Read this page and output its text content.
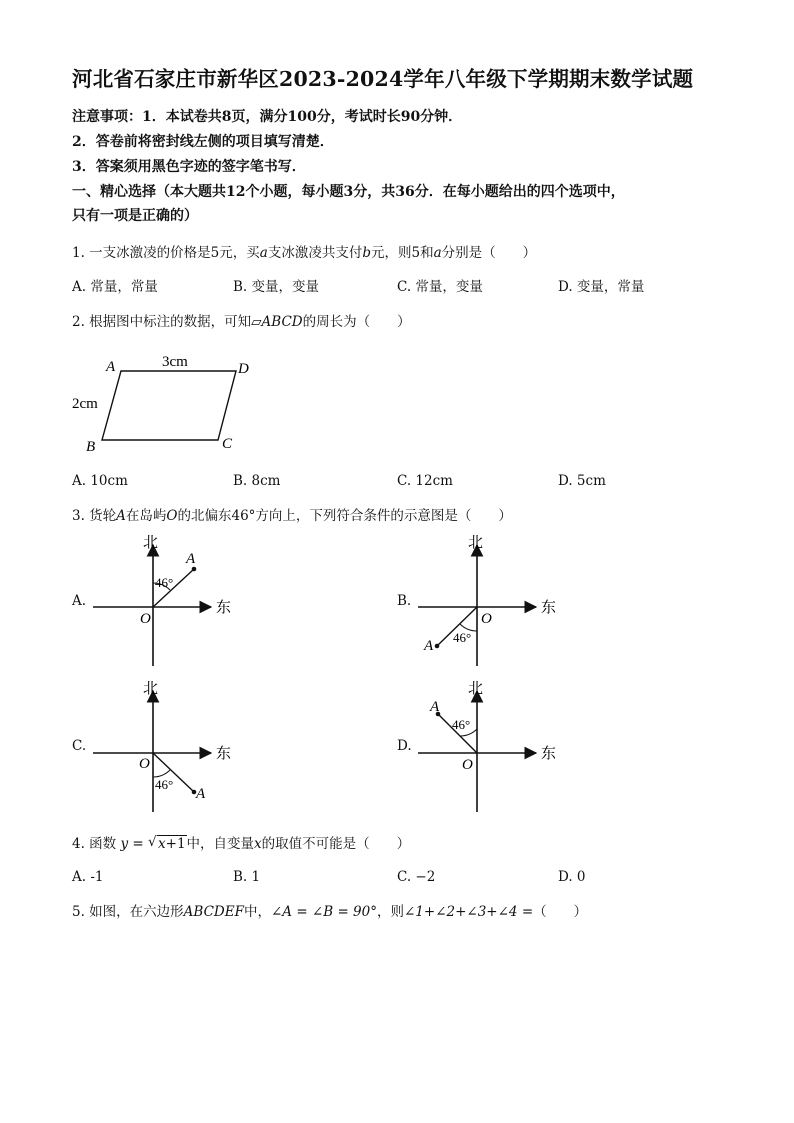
河北省石家庄市新华区2023-2024学年八年级下学期期末数学试题
注意事项：1．本试卷共8页，满分100分，考试时长90分钟．
2．答卷前将密封线左侧的项目填写清楚．
3．答案须用黑色字迹的签字笔书写．
一、精心选择（本大题共12个小题，每小题3分，共36分．在每小题给出的四个选项中，
只有一项是正确的）
1. 一支冰激凌的价格是5元，买a支冰激凌共支付b元，则5和a分别是（　　）
A. 常量，常量	B. 变量，变量	C. 常量，变量	D. 变量，常量
2. 根据图中标注的数据，可知▱ABCD的周长为（　　）
A	D
B	C
3cm
2cm
A. 10cm	B. 8cm	C. 12cm	D. 5cm
3. 货轮A在岛屿O的北偏东46°方向上，下列符合条件的示意图是（　　）
A.	B.
C.	D.
北
东
46°
A
O
北
东
46°
A
O
北
东
46°
A
O
北
东
46°
A
O
4. 函数 y = √ x+1中，自变量x的取值不可能是（　　）
A. -1	B. 1	C. −2	D. 0
5. 如图，在六边形ABCDEF中，∠A = ∠B = 90°，则∠1+∠2+∠3+∠4 =（　　）
